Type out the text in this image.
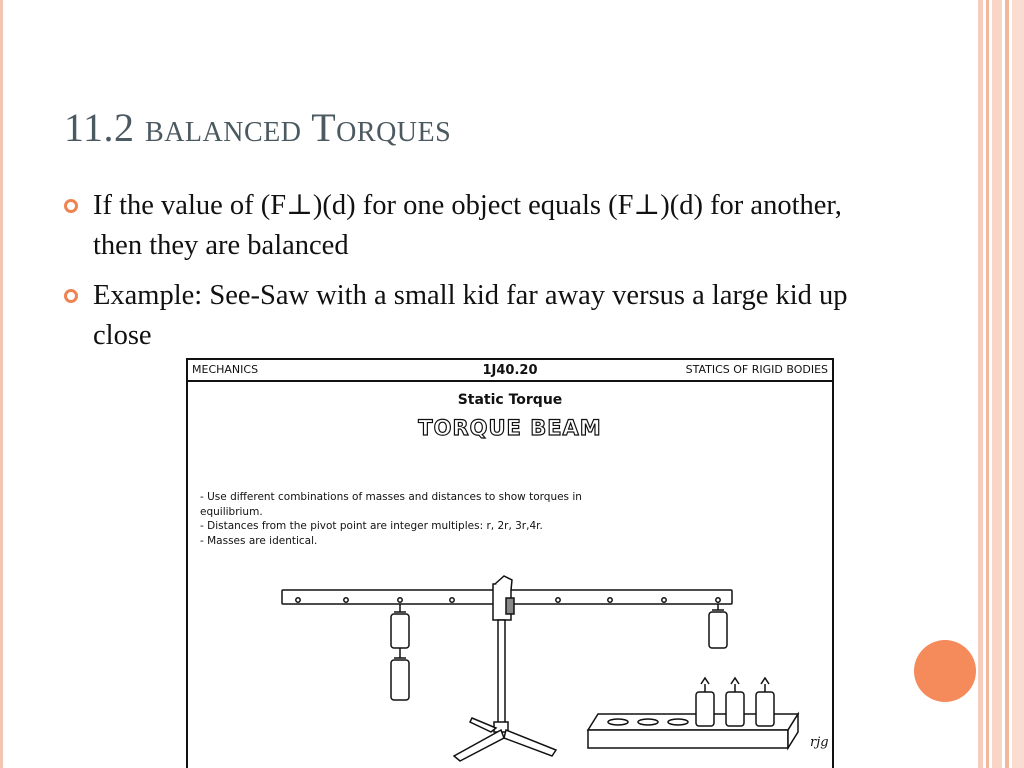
11.2 balanced Torques
If the value of (F⊥)(d) for one object equals (F⊥)(d) for another, then they are balanced
Example: See-Saw with a small kid far away versus a large kid up close
MECHANICS	1J40.20	STATICS OF RIGID BODIES
Static Torque
TORQUE BEAM
- Use different combinations of masses and distances to show torques in
equilibrium.
- Distances from the pivot point are integer multiples: r, 2r, 3r,4r.
- Masses are identical.
rjg
